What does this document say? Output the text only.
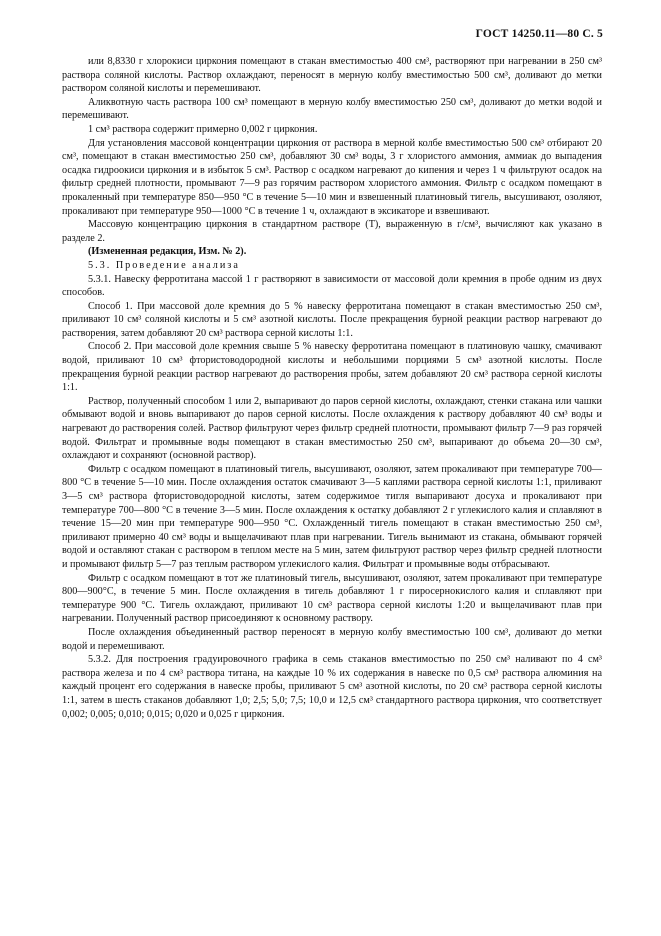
ГОСТ 14250.11—80 С. 5

или 8,8330 г хлорокиси циркония помещают в стакан вместимостью 400 см³, растворяют при нагревании в 250 см³ раствора соляной кислоты. Раствор охлаждают, переносят в мерную колбу вместимостью 500 см³, доливают до метки раствором соляной кислоты и перемешивают.

Аликвотную часть раствора 100 см³ помещают в мерную колбу вместимостью 250 см³, доливают до метки водой и перемешивают.

1 см³ раствора содержит примерно 0,002 г циркония.

Для установления массовой концентрации циркония от раствора в мерной колбе вместимостью 500 см³ отбирают 20 см³, помещают в стакан вместимостью 250 см³, добавляют 30 см³ воды, 3 г хлористого аммония, аммиак до выпадения осадка гидроокиси циркония и в избыток 5 см³. Раствор с осадком нагревают до кипения и через 1 ч фильтруют осадок на фильтр средней плотности, промывают 7—9 раз горячим раствором хлористого аммония. Фильтр с осадком помещают в прокаленный при температуре 850—950 °С в течение 5—10 мин и взвешенный платиновый тигель, высушивают, озоляют, прокаливают при температуре 950—1000 °С в течение 1 ч, охлаждают в эксикаторе и взвешивают.

Массовую концентрацию циркония в стандартном растворе (Т), выраженную в г/см³, вычисляют как указано в разделе 2.

(Измененная редакция, Изм. № 2).

5.3. Проведение анализа

5.3.1. Навеску ферротитана массой 1 г растворяют в зависимости от массовой доли кремния в пробе одним из двух способов.

Способ 1. При массовой доле кремния до 5 % навеску ферротитана помещают в стакан вместимостью 250 см³, приливают 10 см³ соляной кислоты и 5 см³ азотной кислоты. После прекращения бурной реакции раствор нагревают до растворения, затем добавляют 20 см³ раствора серной кислоты 1:1.

Способ 2. При массовой доле кремния свыше 5 % навеску ферротитана помещают в платиновую чашку, смачивают водой, приливают 10 см³ фтористоводородной кислоты и небольшими порциями 5 см³ азотной кислоты. После прекращения бурной реакции раствор нагревают до растворения пробы, затем добавляют 20 см³ раствора серной кислоты 1:1.

Раствор, полученный способом 1 или 2, выпаривают до паров серной кислоты, охлаждают, стенки стакана или чашки обмывают водой и вновь выпаривают до паров серной кислоты. После охлаждения к раствору добавляют 40 см³ воды и нагревают до растворения солей. Раствор фильтруют через фильтр средней плотности, промывают фильтр 7—9 раз горячей водой. Фильтрат и промывные воды помещают в стакан вместимостью 250 см³, выпаривают до объема 20—30 см³, охлаждают и сохраняют (основной раствор).

Фильтр с осадком помещают в платиновый тигель, высушивают, озоляют, затем прокаливают при температуре 700—800 °С в течение 5—10 мин. После охлаждения остаток смачивают 3—5 каплями раствора серной кислоты 1:1, приливают 3—5 см³ раствора фтористоводородной кислоты, затем содержимое тигля выпаривают досуха и прокаливают при температуре 700—800 °С в течение 3—5 мин. После охлаждения к остатку добавляют 2 г углекислого калия и сплавляют в течение 15—20 мин при температуре 900—950 °С. Охлажденный тигель помещают в стакан вместимостью 250 см³, приливают примерно 40 см³ воды и выщелачивают плав при нагревании. Тигель вынимают из стакана, обмывают горячей водой и оставляют стакан с раствором в теплом месте на 5 мин, затем фильтруют раствор через фильтр средней плотности и промывают фильтр 5—7 раз теплым раствором углекислого калия. Фильтрат и промывные воды отбрасывают.

Фильтр с осадком помещают в тот же платиновый тигель, высушивают, озоляют, затем прокаливают при температуре 800—900°С, в течение 5 мин. После охлаждения в тигель добавляют 1 г пиросернокислого калия и сплавляют при температуре 900 °С. Тигель охлаждают, приливают 10 см³ раствора серной кислоты 1:20 и выщелачивают плав при нагревании. Полученный раствор присоединяют к основному раствору.

После охлаждения объединенный раствор переносят в мерную колбу вместимостью 100 см³, доливают до метки водой и перемешивают.

5.3.2. Для построения градуировочного графика в семь стаканов вместимостью по 250 см³ наливают по 4 см³ раствора железа и по 4 см³ раствора титана, на каждые 10 % их содержания в навеске по 0,5 см³ раствора алюминия на каждый процент его содержания в навеске пробы, приливают 5 см³ азотной кислоты, по 20 см³ раствора серной кислоты 1:1, затем в шесть стаканов добавляют 1,0; 2,5; 5,0; 7,5; 10,0 и 12,5 см³ стандартного раствора циркония, что соответствует 0,002; 0,005; 0,010; 0,015; 0,020 и 0,025 г циркония.
